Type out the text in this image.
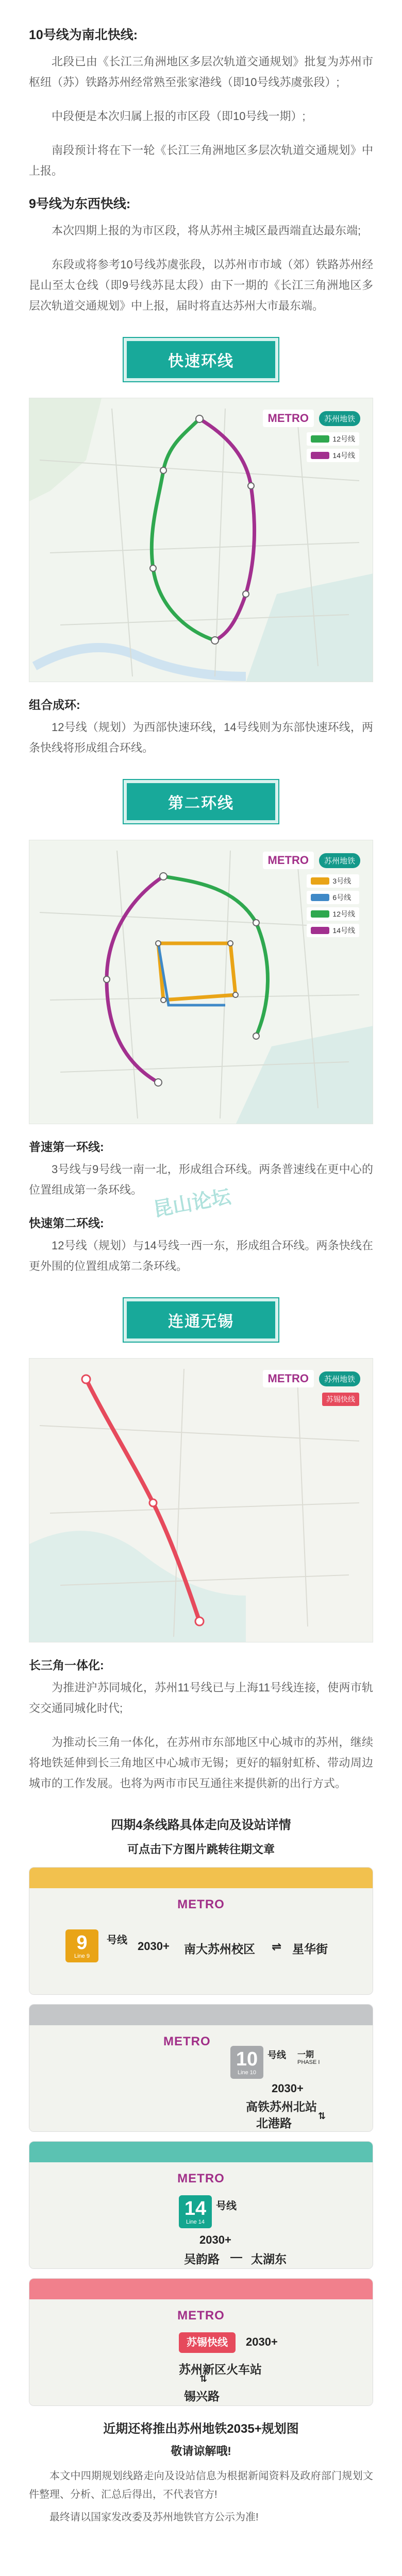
10号线为南北快线:

北段已由《长江三角洲地区多层次轨道交通规划》批复为苏州市枢纽（苏）铁路苏州经常熟至张家港线（即10号线苏虞张段）;

中段便是本次归属上报的市区段（即10号线一期）;

南段预计将在下一轮《长江三角洲地区多层次轨道交通规划》中上报。

9号线为东西快线:

本次四期上报的为市区段，将从苏州主城区最西端直达最东端;

东段或将参考10号线苏虞张段，以苏州市市域（郊）铁路苏州经昆山至太仓线（即9号线苏昆太段）由下一期的《长江三角洲地区多层次轨道交通规划》中上报，届时将直达苏州大市最东端。

快速环线
METRO	苏州地铁
12号线
14号线
组合成环:

12号线（规划）为西部快速环线，14号线则为东部快速环线，两条快线将形成组合环线。

第二环线
METRO	苏州地铁
3号线
6号线
12号线
14号线
普速第一环线:

3号线与9号线一南一北，形成组合环线。两条普速线在更中心的位置组成第一条环线。 昆山论坛
快速第二环线:

12号线（规划）与14号线一西一东，形成组合环线。两条快线在更外围的位置组成第二条环线。

连通无锡
METRO	苏州地铁
苏锡快线
长三角一体化:

为推进沪苏同城化，苏州11号线已与上海11号线连接，使两市轨交交通同城化时代;

为推动长三角一体化，在苏州市东部地区中心城市的苏州，继续将地铁延伸到长三角地区中心城市无锡；更好的辐射虹桥、带动周边城市的工作发展。也将为两市市民互通往来提供新的出行方式。

四期4条线路具体走向及设站详情
可点击下方图片跳转往期文章
METRO
9
Line 9
号线 2030+ 南大苏州校区 ⇌ 星华街
METRO
10
Line 10
号线 一期
PHASE I
2030+
高铁苏州北站
⇅
北港路
METRO
14
Line 14
号线
2030+
吴韵路 — 太湖东
METRO
苏锡快线 2030+
苏州新区火车站
⇅
锡兴路
近期还将推出苏州地铁2035+规划图
敬请谅解哦!

本文中四期规划线路走向及设站信息为根据新闻资料及政府部门规划文件整理、分析、汇总后得出，不代表官方!

最终请以国家发改委及苏州地铁官方公示为准!
